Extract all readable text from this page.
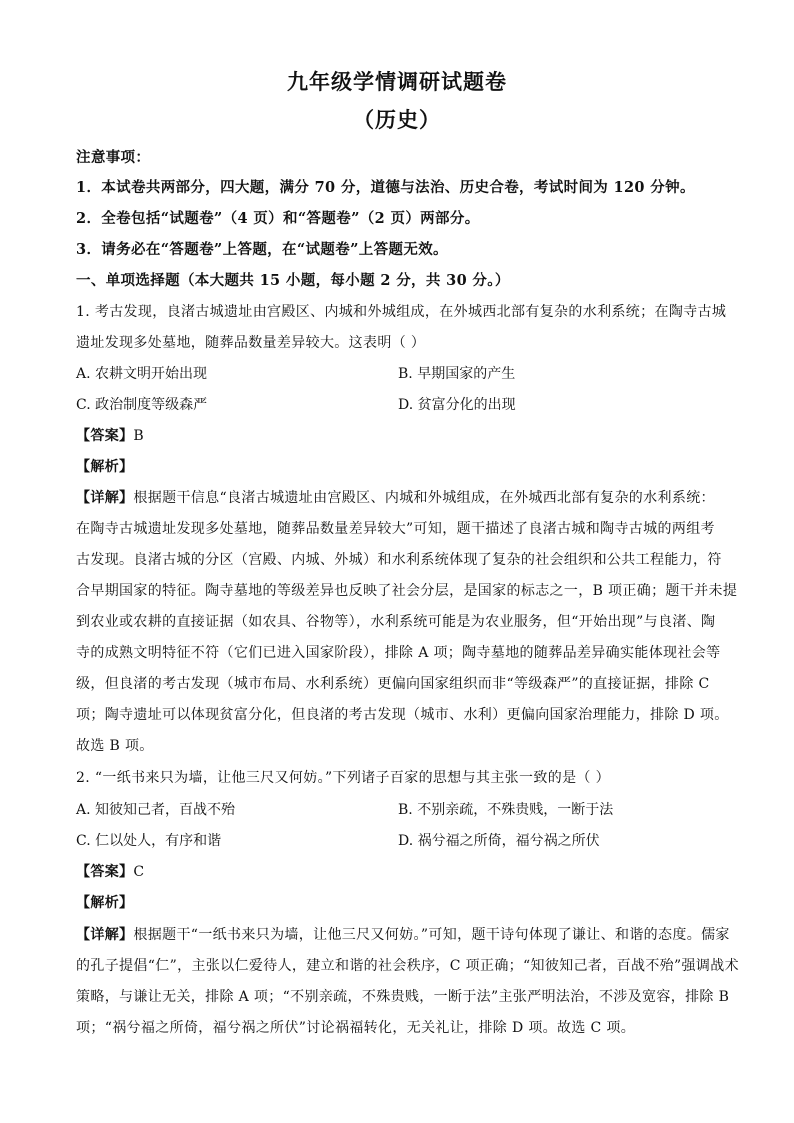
九年级学情调研试题卷
（历史）
注意事项：
1．本试卷共两部分，四大题，满分 70 分，道德与法治、历史合卷，考试时间为 120 分钟。
2．全卷包括“试题卷”（4 页）和“答题卷”（2 页）两部分。
3．请务必在“答题卷”上答题，在“试题卷”上答题无效。
一、单项选择题（本大题共 15 小题，每小题 2 分，共 30 分。）
1. 考古发现，良渚古城遗址由宫殿区、内城和外城组成，在外城西北部有复杂的水利系统；在陶寺古城
遗址发现多处墓地，随葬品数量差异较大。这表明（ ）
A. 农耕文明开始出现	B. 早期国家的产生
C. 政治制度等级森严	D. 贫富分化的出现
【答案】B
【解析】
【详解】根据题干信息“良渚古城遗址由宫殿区、内城和外城组成，在外城西北部有复杂的水利系统：
在陶寺古城遗址发现多处墓地，随葬品数量差异较大”可知，题干描述了良渚古城和陶寺古城的两组考
古发现。良渚古城的分区（宫殿、内城、外城）和水利系统体现了复杂的社会组织和公共工程能力，符
合早期国家的特征。陶寺墓地的等级差异也反映了社会分层，是国家的标志之一，B 项正确；题干并未提
到农业或农耕的直接证据（如农具、谷物等），水利系统可能是为农业服务，但“开始出现”与良渚、陶
寺的成熟文明特征不符（它们已进入国家阶段），排除 A 项；陶寺墓地的随葬品差异确实能体现社会等
级，但良渚的考古发现（城市布局、水利系统）更偏向国家组织而非“等级森严”的直接证据，排除 C
项；陶寺遗址可以体现贫富分化，但良渚的考古发现（城市、水利）更偏向国家治理能力，排除 D 项。
故选 B 项。
2. “一纸书来只为墙，让他三尺又何妨。”下列诸子百家的思想与其主张一致的是（ ）
A. 知彼知己者，百战不殆	B. 不别亲疏，不殊贵贱，一断于法
C. 仁以处人，有序和谐	D. 祸兮福之所倚，福兮祸之所伏
【答案】C
【解析】
【详解】根据题干“一纸书来只为墙，让他三尺又何妨。”可知，题干诗句体现了谦让、和谐的态度。儒家
的孔子提倡“仁”，主张以仁爱待人，建立和谐的社会秩序，C 项正确；“知彼知己者，百战不殆”强调战术
策略，与谦让无关，排除 A 项；“不别亲疏，不殊贵贱，一断于法”主张严明法治，不涉及宽容，排除 B
项；“祸兮福之所倚，福兮祸之所伏”讨论祸福转化，无关礼让，排除 D 项。故选 C 项。
